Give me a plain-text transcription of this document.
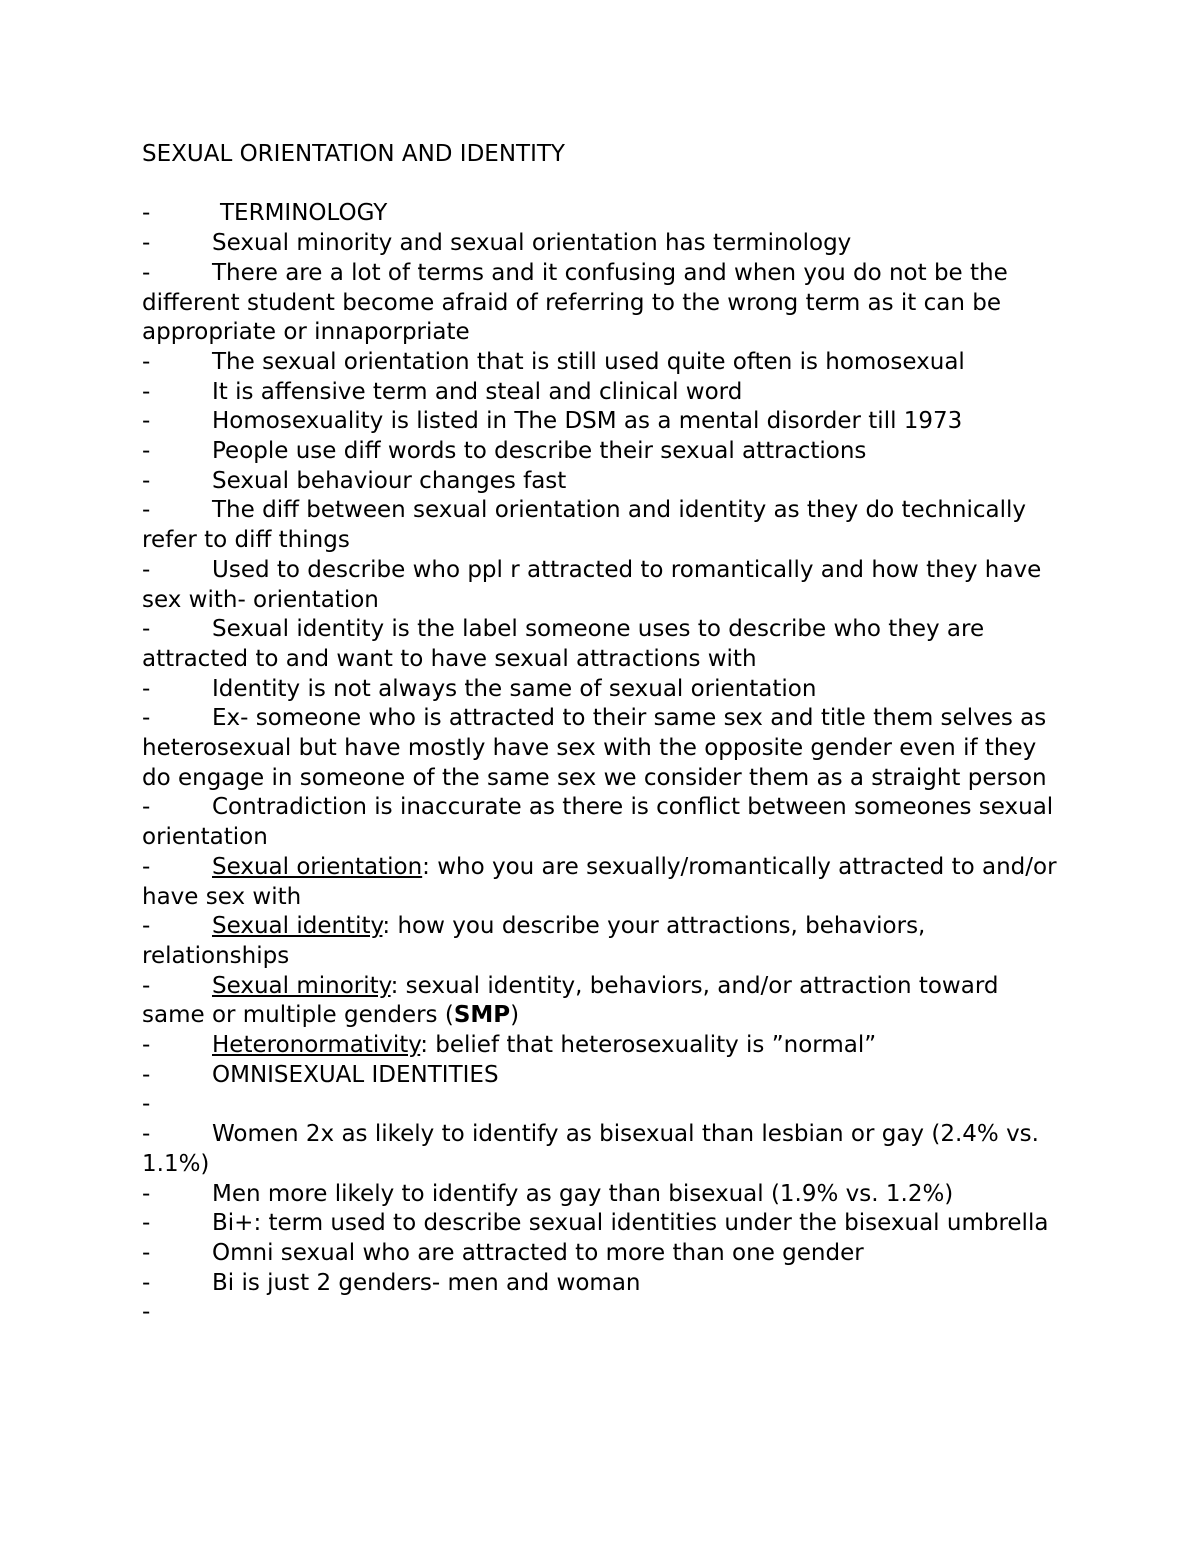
SEXUAL ORIENTATION AND IDENTITY
-	TERMINOLOGY
-	Sexual minority and sexual orientation has terminology
-	There are a lot of terms and it confusing and when you do not be the different student become afraid of referring to the wrong term as it can be appropriate or innaporpriate
-	The sexual orientation that is still used quite often is homosexual
-	It is affensive term and steal and clinical word
-	Homosexuality is listed in The DSM as a mental disorder till 1973
-	People use diff words to describe their sexual attractions
-	Sexual behaviour changes fast
-	The diff between sexual orientation and identity as they do technically refer to diff things
-	Used to describe who ppl r attracted to romantically and how they have sex with- orientation
-	Sexual identity is the label someone uses to describe who they are attracted to and want to have sexual attractions with
-	Identity is not always the same of sexual orientation
-	Ex- someone who is attracted to their same sex and title them selves as heterosexual but have mostly have sex with the opposite gender even if they do engage in someone of the same sex we consider them as a straight person
-	Contradiction is inaccurate as there is conflict between someones sexual orientation
-	Sexual orientation: who you are sexually/romantically attracted to and/or have sex with
-	Sexual identity: how you describe your attractions, behaviors, relationships
-	Sexual minority: sexual identity, behaviors, and/or attraction toward same or multiple genders (SMP)
-	Heteronormativity: belief that heterosexuality is ”normal”
-	OMNISEXUAL IDENTITIES
-
-	Women 2x as likely to identify as bisexual than lesbian or gay (2.4% vs. 1.1%)
-	Men more likely to identify as gay than bisexual (1.9% vs. 1.2%)
-	Bi+: term used to describe sexual identities under the bisexual umbrella
-	Omni sexual who are attracted to more than one gender
-	Bi is just 2 genders- men and woman
-
